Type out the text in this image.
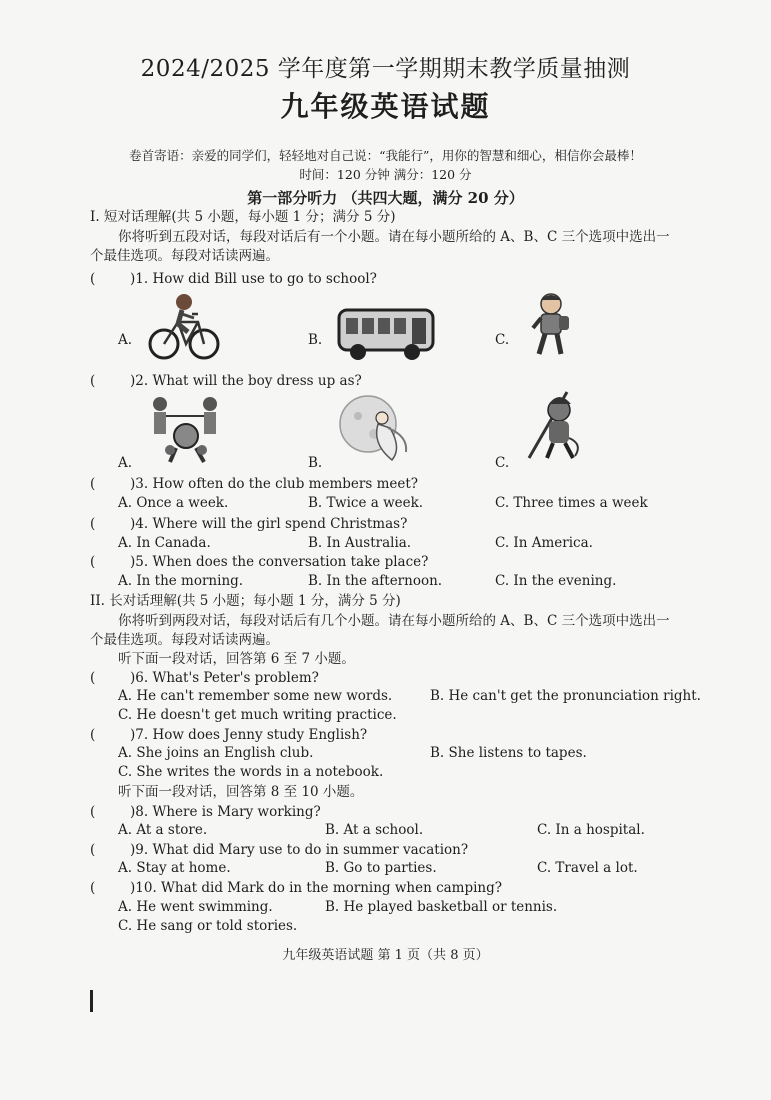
2024/2025 学年度第一学期期末教学质量抽测
九年级英语试题
卷首寄语：亲爱的同学们，轻轻地对自己说：“我能行”，用你的智慧和细心，相信你会最棒！
时间：120 分钟 满分：120 分
第一部分听力 （共四大题，满分 20 分）
I. 短对话理解(共 5 小题，每小题 1 分；满分 5 分)
你将听到五段对话，每段对话后有一个小题。请在每小题所给的 A、B、C 三个选项中选出一
个最佳选项。每段对话读两遍。
(	)1. How did Bill use to go to school?
A.	B.	C.
(	)2. What will the boy dress up as?
A.	B.	C.
(	)3. How often do the club members meet?
A. Once a week.	B. Twice a week.	C. Three times a week
(	)4. Where will the girl spend Christmas?
A. In Canada.	B. In Australia.	C. In America.
(	)5. When does the conversation take place?
A. In the morning.	B. In the afternoon.	C. In the evening.
II. 长对话理解(共 5 小题；每小题 1 分，满分 5 分)
你将听到两段对话，每段对话后有几个小题。请在每小题所给的 A、B、C 三个选项中选出一
个最佳选项。每段对话读两遍。
听下面一段对话，回答第 6 至 7 小题。
(	)6. What's Peter's problem?
A. He can't remember some new words.	B. He can't get the pronunciation right.
C. He doesn't get much writing practice.
(	)7. How does Jenny study English?
A. She joins an English club.	B. She listens to tapes.
C. She writes the words in a notebook.
听下面一段对话，回答第 8 至 10 小题。
(	)8. Where is Mary working?
A. At a store.	B. At a school.	C. In a hospital.
(	)9. What did Mary use to do in summer vacation?
A. Stay at home.	B. Go to parties.	C. Travel a lot.
(	)10. What did Mark do in the morning when camping?
A. He went swimming.	B. He played basketball or tennis.
C. He sang or told stories.
九年级英语试题 第 1 页（共 8 页）
